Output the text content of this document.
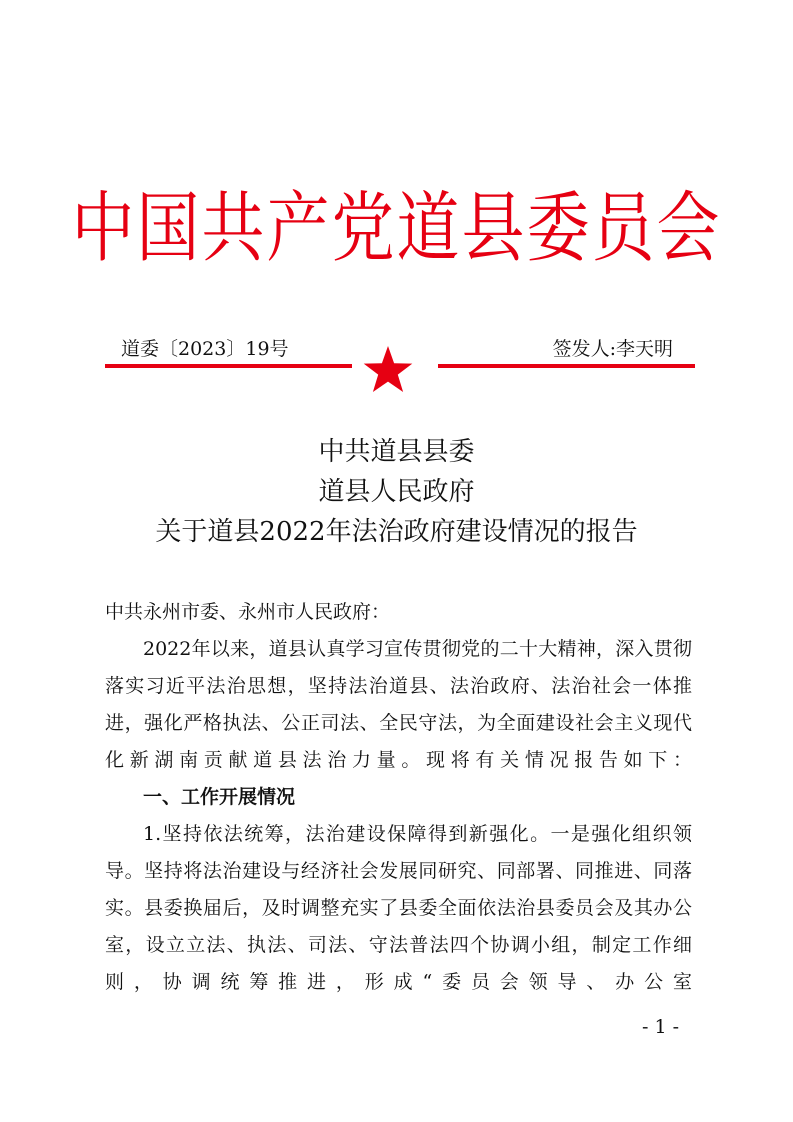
中国共产党道县委员会
道委〔2023〕19号	签发人:李天明
中共道县县委
道县人民政府
关于道县2022年法治政府建设情况的报告
中共永州市委、永州市人民政府：
2022年以来，道县认真学习宣传贯彻党的二十大精神，深入贯彻落实习近平法治思想，坚持法治道县、法治政府、法治社会一体推进，强化严格执法、公正司法、全民守法，为全面建设社会主义现代化新湖南贡献道县法治力量。现将有关情况报告如下：
一、工作开展情况
1.坚持依法统筹，法治建设保障得到新强化。一是强化组织领导。坚持将法治建设与经济社会发展同研究、同部署、同推进、同落实。县委换届后，及时调整充实了县委全面依法治县委员会及其办公室，设立立法、执法、司法、守法普法四个协调小组，制定工作细则，协调统筹推进，形成“委员会领导、办公室
- 1 -
